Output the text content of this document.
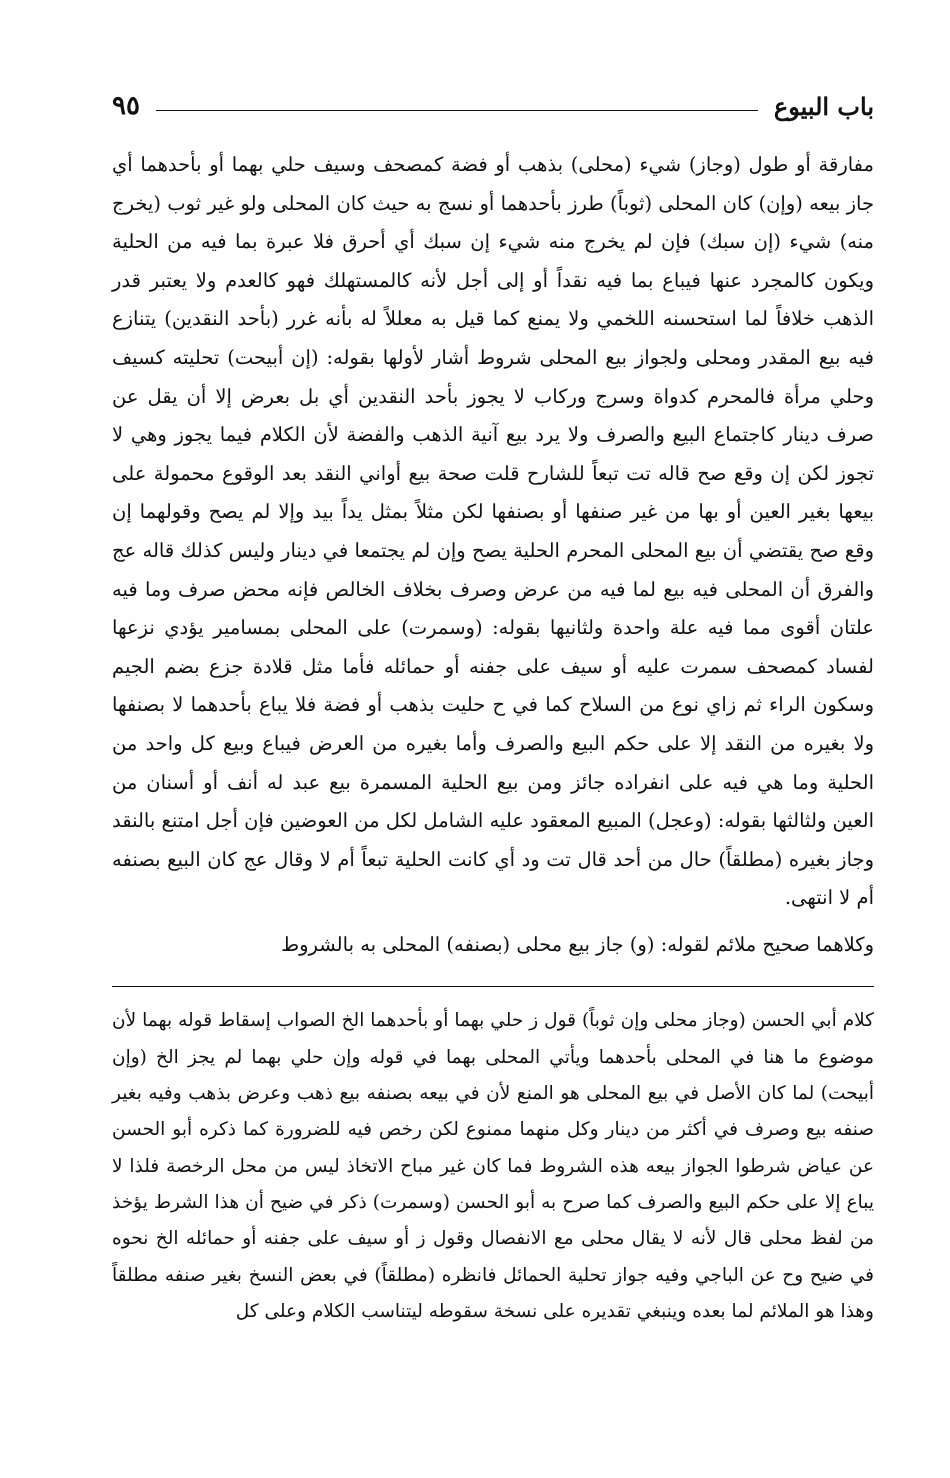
باب البيوع
٩٥

مفارقة أو طول (وجاز) شيء (محلى) بذهب أو فضة كمصحف وسيف حلي بهما أو بأحدهما أي جاز بيعه (وإن) كان المحلى (ثوباً) طرز بأحدهما أو نسج به حيث كان المحلى ولو غير ثوب (يخرج منه) شيء (إن سبك) فإن لم يخرج منه شيء إن سبك أي أحرق فلا عبرة بما فيه من الحلية ويكون كالمجرد عنها فيباع بما فيه نقداً أو إلى أجل لأنه كالمستهلك فهو كالعدم ولا يعتبر قدر الذهب خلافاً لما استحسنه اللخمي ولا يمنع كما قيل به معللاً له بأنه غرر (بأحد النقدين) يتنازع فيه بيع المقدر ومحلى ولجواز بيع المحلى شروط أشار لأولها بقوله: (إن أبيحت) تحليته كسيف وحلي مرأة فالمحرم كدواة وسرج وركاب لا يجوز بأحد النقدين أي بل بعرض إلا أن يقل عن صرف دينار كاجتماع البيع والصرف ولا يرد بيع آنية الذهب والفضة لأن الكلام فيما يجوز وهي لا تجوز لكن إن وقع صح قاله تت تبعاً للشارح قلت صحة بيع أواني النقد بعد الوقوع محمولة على بيعها بغير العين أو بها من غير صنفها أو بصنفها لكن مثلاً بمثل يداً بيد وإلا لم يصح وقولهما إن وقع صح يقتضي أن بيع المحلى المحرم الحلية يصح وإن لم يجتمعا في دينار وليس كذلك قاله عج والفرق أن المحلى فيه بيع لما فيه من عرض وصرف بخلاف الخالص فإنه محض صرف وما فيه علتان أقوى مما فيه علة واحدة ولثانيها بقوله: (وسمرت) على المحلى بمسامير يؤدي نزعها لفساد كمصحف سمرت عليه أو سيف على جفنه أو حمائله فأما مثل قلادة جزع بضم الجيم وسكون الراء ثم زاي نوع من السلاح كما في ح حليت بذهب أو فضة فلا يباع بأحدهما لا بصنفها ولا بغيره من النقد إلا على حكم البيع والصرف وأما بغيره من العرض فيباع وبيع كل واحد من الحلية وما هي فيه على انفراده جائز ومن بيع الحلية المسمرة بيع عبد له أنف أو أسنان من العين ولثالثها بقوله: (وعجل) المبيع المعقود عليه الشامل لكل من العوضين فإن أجل امتنع بالنقد وجاز بغيره (مطلقاً) حال من أحد قال تت ود أي كانت الحلية تبعاً أم لا وقال عج كان البيع بصنفه أم لا انتهى.

وكلاهما صحيح ملائم لقوله: (و) جاز بيع محلى (بصنفه) المحلى به بالشروط

كلام أبي الحسن (وجاز محلى وإن ثوباً) قول ز حلي بهما أو بأحدهما الخ الصواب إسقاط قوله بهما لأن موضوع ما هنا في المحلى بأحدهما ويأتي المحلى بهما في قوله وإن حلي بهما لم يجز الخ (وإن أبيحت) لما كان الأصل في بيع المحلى هو المنع لأن في بيعه بصنفه بيع ذهب وعرض بذهب وفيه بغير صنفه بيع وصرف في أكثر من دينار وكل منهما ممنوع لكن رخص فيه للضرورة كما ذكره أبو الحسن عن عياض شرطوا الجواز بيعه هذه الشروط فما كان غير مباح الاتخاذ ليس من محل الرخصة فلذا لا يباع إلا على حكم البيع والصرف كما صرح به أبو الحسن (وسمرت) ذكر في ضيح أن هذا الشرط يؤخذ من لفظ محلى قال لأنه لا يقال محلى مع الانفصال وقول ز أو سيف على جفنه أو حمائله الخ نحوه في ضيح وح عن الباجي وفيه جواز تحلية الحمائل فانظره (مطلقاً) في بعض النسخ بغير صنفه مطلقاً وهذا هو الملائم لما بعده وينبغي تقديره على نسخة سقوطه ليتناسب الكلام وعلى كل
